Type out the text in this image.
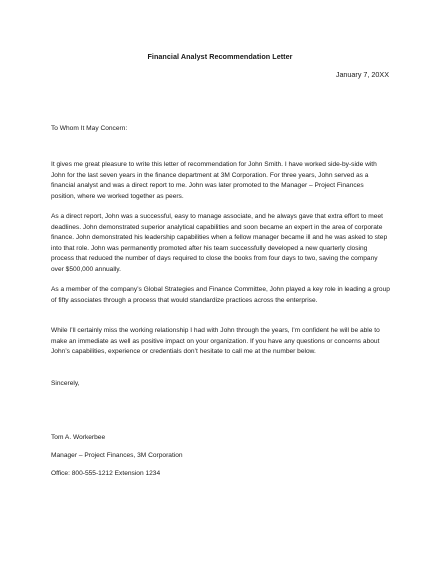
Financial Analyst Recommendation Letter
January 7, 20XX

To Whom It May Concern:

It gives me great pleasure to write this letter of recommendation for John Smith. I have worked side-by-side with John for the last seven years in the finance department at 3M Corporation. For three years, John served as a financial analyst and was a direct report to me. John was later promoted to the Manager – Project Finances position, where we worked together as peers.

As a direct report, John was a successful, easy to manage associate, and he always gave that extra effort to meet deadlines. John demonstrated superior analytical capabilities and soon became an expert in the area of corporate finance. John demonstrated his leadership capabilities when a fellow manager became ill and he was asked to step into that role. John was permanently promoted after his team successfully developed a new quarterly closing process that reduced the number of days required to close the books from four days to two, saving the company over $500,000 annually.

As a member of the company’s Global Strategies and Finance Committee, John played a key role in leading a group of fifty associates through a process that would standardize practices across the enterprise.

While I’ll certainly miss the working relationship I had with John through the years, I’m confident he will be able to make an immediate as well as positive impact on your organization. If you have any questions or concerns about John’s capabilities, experience or credentials don’t hesitate to call me at the number below.

Sincerely,

Tom A. Workerbee

Manager – Project Finances, 3M Corporation

Office: 800-555-1212 Extension 1234
